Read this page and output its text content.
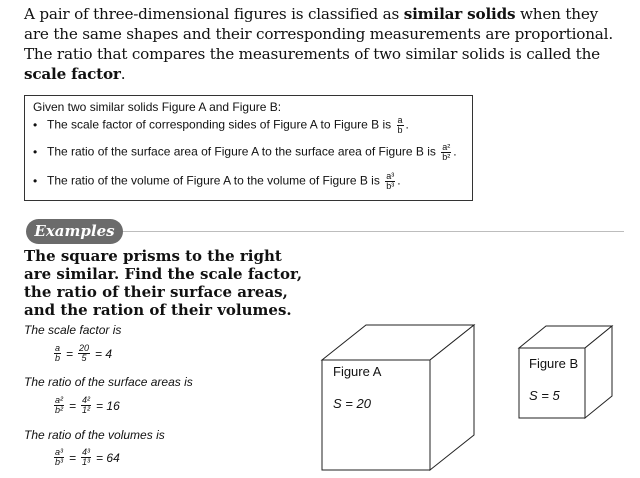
A pair of three-dimensional figures is classified as similar solids when they are the same shapes and their corresponding measurements are proportional. The ratio that compares the measurements of two similar solids is called the scale factor.
Given two similar solids Figure A and Figure B:
• The scale factor of corresponding sides of Figure A to Figure B is $\frac{a}{b}$ .
• The ratio of the surface area of Figure A to the surface area of Figure B is $\frac{\text{a²}}{\text{b²}}$ .
• The ratio of the volume of Figure A to the volume of Figure B is $\frac{\text{a³}}{\text{b³}}$ .
Examples
The square prisms to the right are similar. Find the scale factor, the ratio of their surface areas, and the ration of their volumes.
The scale factor is
$\frac{a}{b} = \frac{20}{5} = 4$
The ratio of the surface areas is
$\frac{\text{a²}}{\text{b²}} = \frac{\text{4²}}{\text{1²}} = 16$
The ratio of the volumes is
$\frac{\text{a³}}{\text{b³}} = \frac{\text{4³}}{\text{1³}} = 64$
Figure A
S = 20
Figure B
S = 5
